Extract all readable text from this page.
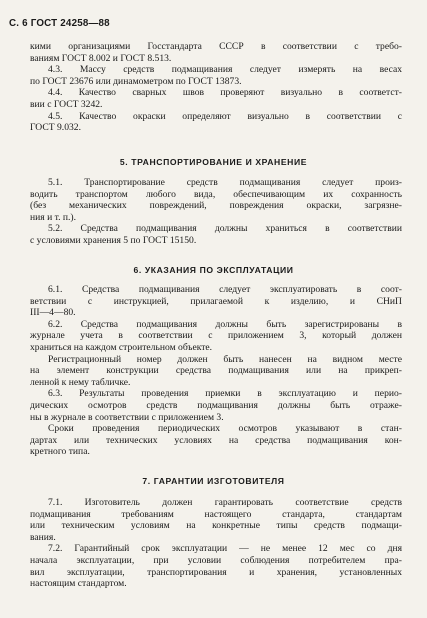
С. 6 ГОСТ 24258—88
кими организациями Госстандарта СССР в соответствии с требо-
ваниям ГОСТ 8.002 и ГОСТ 8.513.
4.3. Массу средств подмащивания следует измерять на весах
по ГОСТ 23676 или динамометром по ГОСТ 13873.
4.4. Качество сварных швов проверяют визуально в соответст-
вии с ГОСТ 3242.
4.5. Качество окраски определяют визуально в соответствии с
ГОСТ 9.032.
5. ТРАНСПОРТИРОВАНИЕ И ХРАНЕНИЕ
5.1. Транспортирование средств подмащивания следует произ-
водить транспортом любого вида, обеспечивающим их сохранность
(без механических повреждений, повреждения окраски, загрязне-
ния и т. п.).
5.2. Средства подмащивания должны храниться в соответствии
с условиями хранения 5 по ГОСТ 15150.
6. УКАЗАНИЯ ПО ЭКСПЛУАТАЦИИ
6.1. Средства подмащивания следует эксплуатировать в соот-
ветствии с инструкцией, прилагаемой к изделию, и СНиП
III—4—80.
6.2. Средства подмащивания должны быть зарегистрированы в
журнале учета в соответствии с приложением 3, который должен
храниться на каждом строительном объекте.
Регистрационный номер должен быть нанесен на видном месте
на элемент конструкции средства подмащивания или на прикреп-
ленной к нему табличке.
6.3. Результаты проведения приемки в эксплуатацию и перио-
дических осмотров средств подмащивания должны быть отраже-
ны в журнале в соответствии с приложением 3.
Сроки проведения периодических осмотров указывают в стан-
дартах или технических условиях на средства подмащивания кон-
кретного типа.
7. ГАРАНТИИ ИЗГОТОВИТЕЛЯ
7.1. Изготовитель должен гарантировать соответствие средств
подмащивания требованиям настоящего стандарта, стандартам
или техническим условиям на конкретные типы средств подмащи-
вания.
7.2. Гарантийный срок эксплуатации — не менее 12 мес со дня
начала эксплуатации, при условии соблюдения потребителем пра-
вил эксплуатации, транспортирования и хранения, установленных
настоящим стандартом.
